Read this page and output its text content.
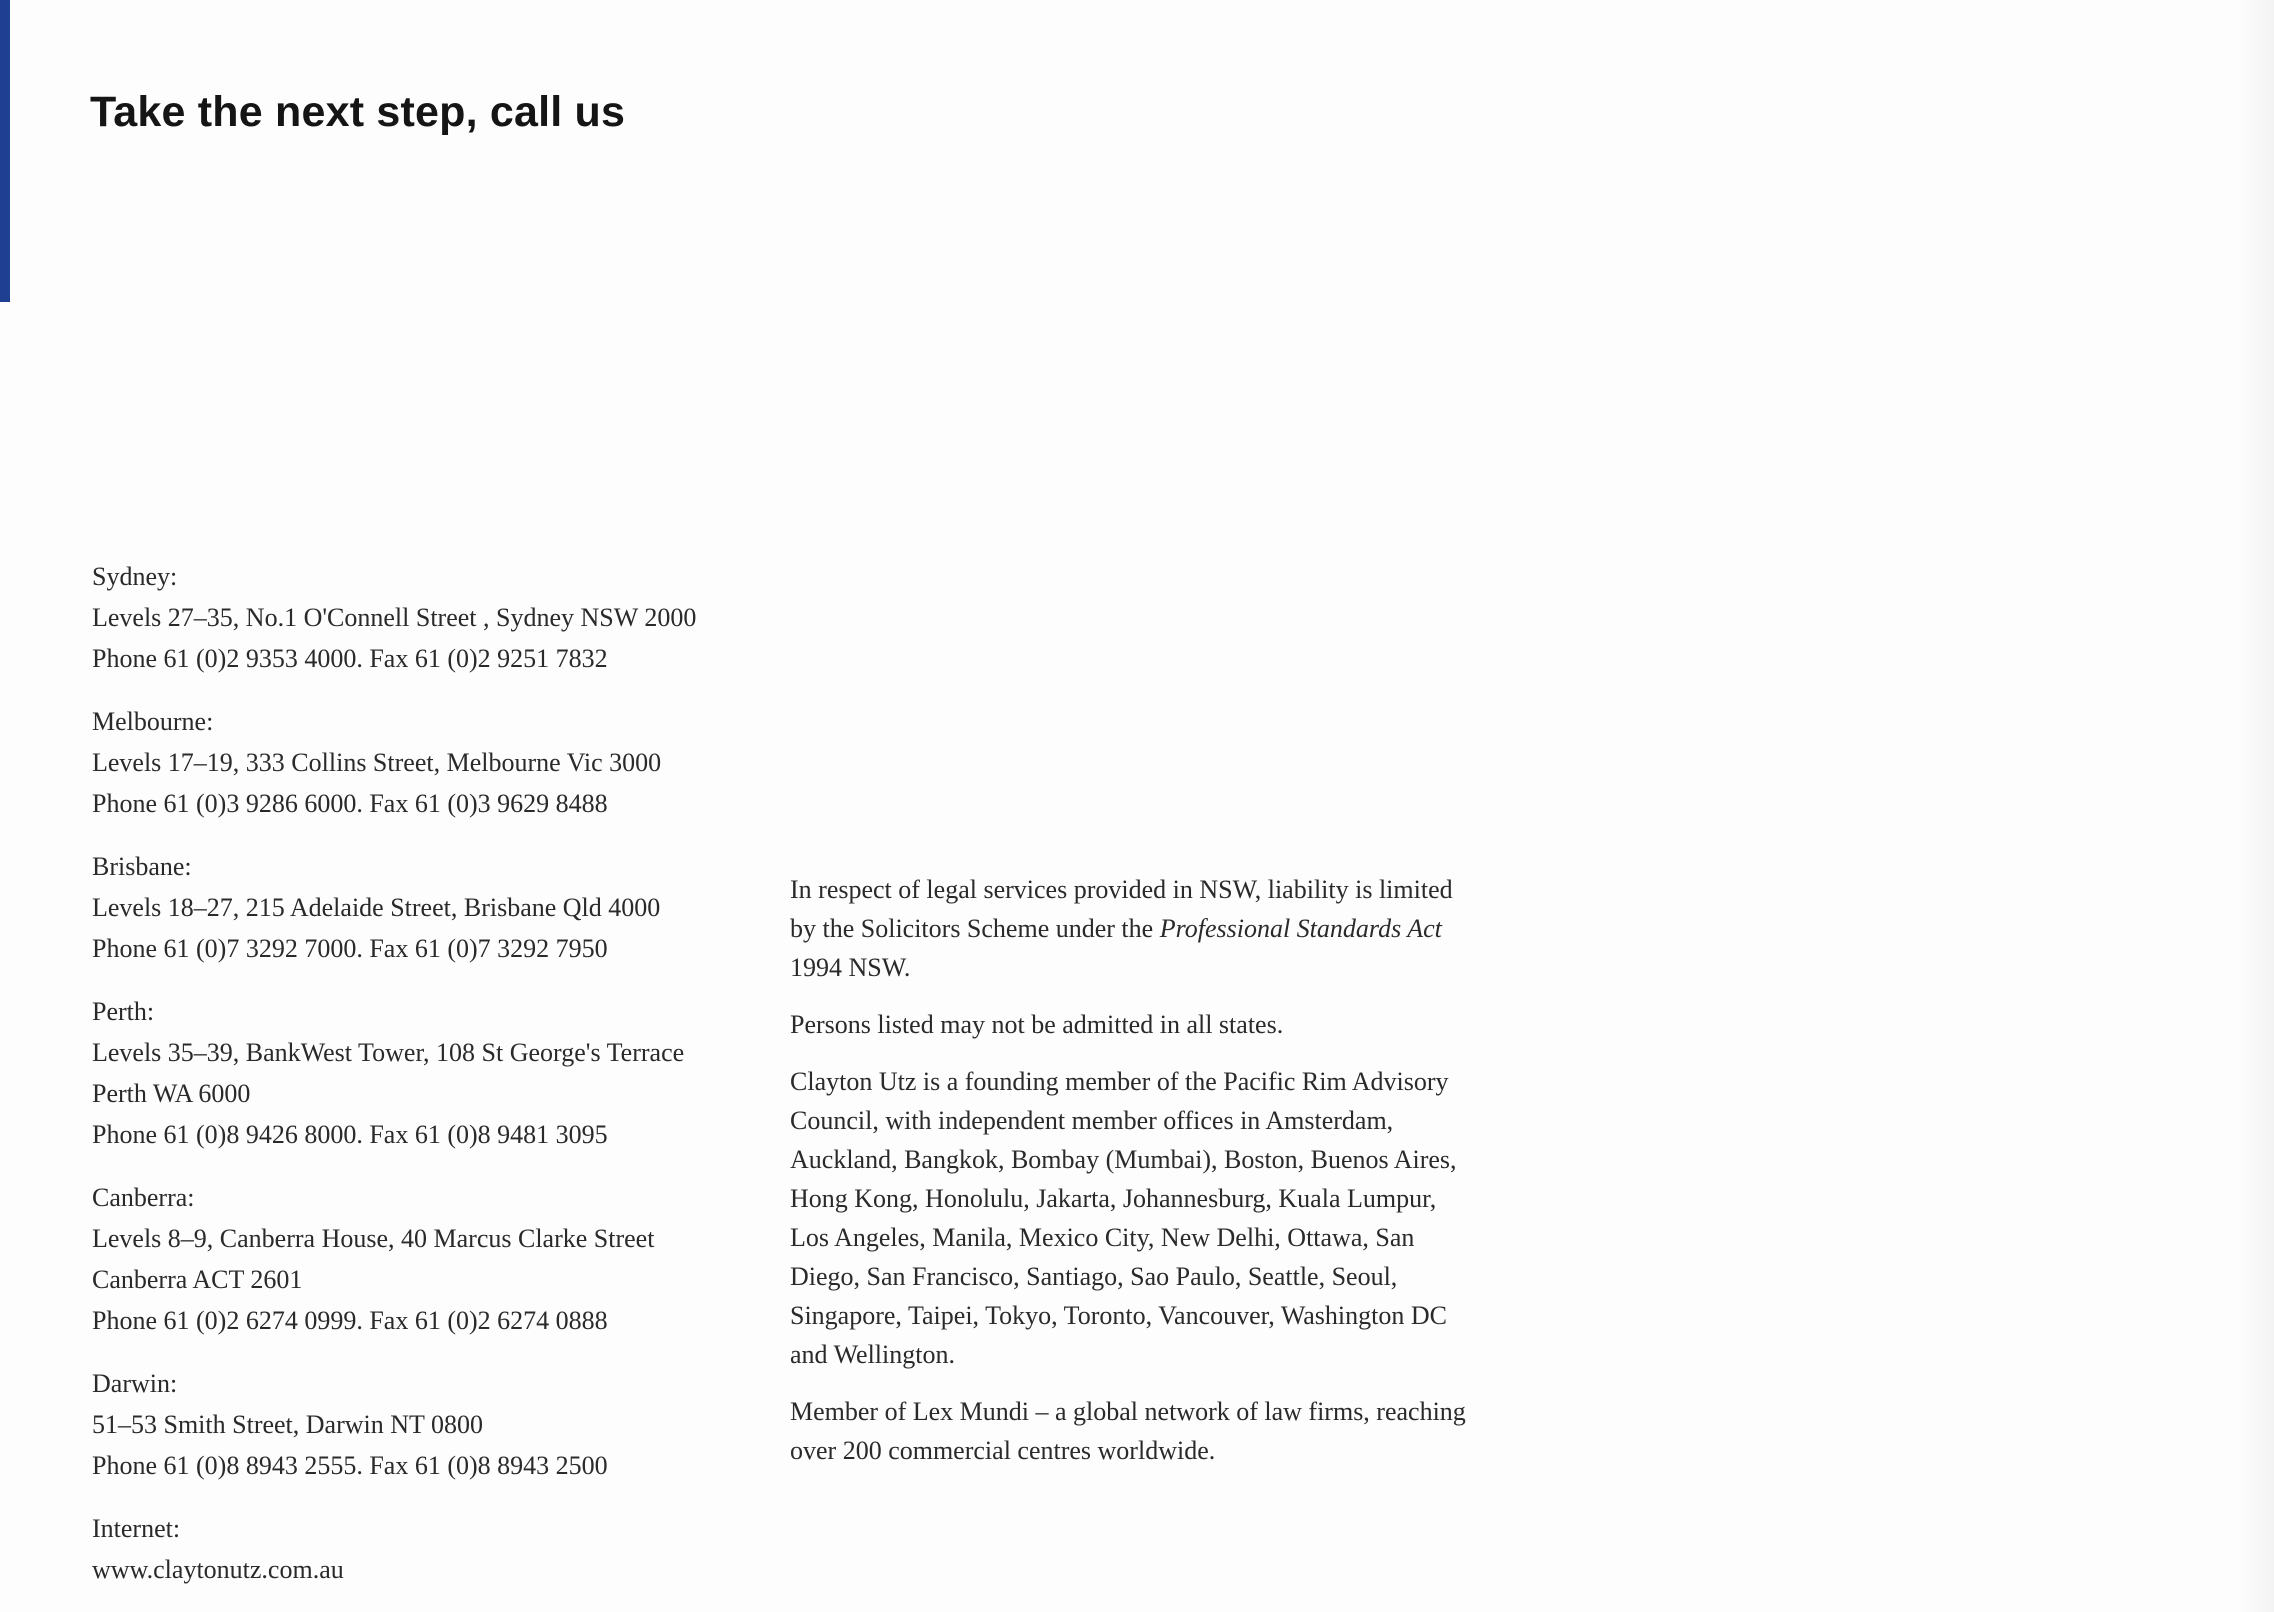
Take the next step, call us
Sydney:
Levels 27–35, No.1 O'Connell Street , Sydney NSW 2000
Phone 61 (0)2 9353 4000. Fax 61 (0)2 9251 7832
Melbourne:
Levels 17–19, 333 Collins Street, Melbourne Vic 3000
Phone 61 (0)3 9286 6000. Fax 61 (0)3 9629 8488
Brisbane:
Levels 18–27, 215 Adelaide Street, Brisbane Qld 4000
Phone 61 (0)7 3292 7000. Fax 61 (0)7 3292 7950
Perth:
Levels 35–39, BankWest Tower, 108 St George's Terrace
Perth WA 6000
Phone 61 (0)8 9426 8000. Fax 61 (0)8 9481 3095
Canberra:
Levels 8–9, Canberra House, 40 Marcus Clarke Street
Canberra ACT 2601
Phone 61 (0)2 6274 0999. Fax 61 (0)2 6274 0888
Darwin:
51–53 Smith Street, Darwin NT 0800
Phone 61 (0)8 8943 2555. Fax 61 (0)8 8943 2500
Internet:
www.claytonutz.com.au

In respect of legal services provided in NSW, liability is limited by the Solicitors Scheme under the Professional Standards Act 1994 NSW.

Persons listed may not be admitted in all states.

Clayton Utz is a founding member of the Pacific Rim Advisory Council, with independent member offices in Amsterdam, Auckland, Bangkok, Bombay (Mumbai), Boston, Buenos Aires, Hong Kong, Honolulu, Jakarta, Johannesburg, Kuala Lumpur, Los Angeles, Manila, Mexico City, New Delhi, Ottawa, San Diego, San Francisco, Santiago, Sao Paulo, Seattle, Seoul, Singapore, Taipei, Tokyo, Toronto, Vancouver, Washington DC and Wellington.

Member of Lex Mundi – a global network of law firms, reaching over 200 commercial centres worldwide.
